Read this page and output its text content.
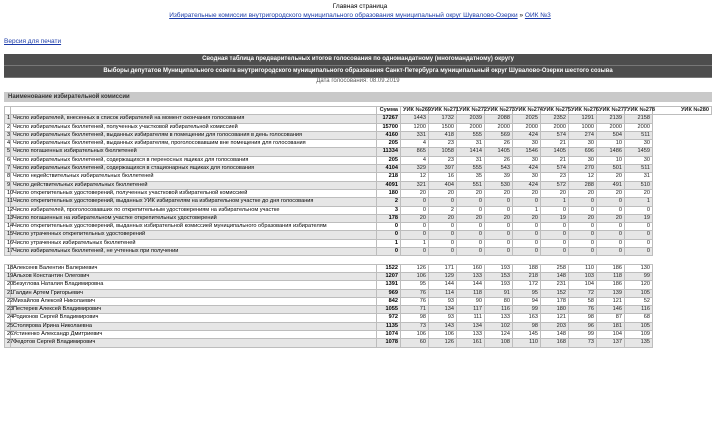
Главная страница
Избирательные комиссии внутригородского муниципального образования муниципальный округ Шувалово-Озерки » ОИК №3
Версия для печати
Сводная таблица предварительных итогов голосования по одномандатному (многомандатному) округу
Выборы депутатов Муниципального совета внутригородского муниципального образования Санкт-Петербурга муниципальный округ Шувалово-Озерки шестого созыва
Дата голосования: 08.09.2019
Наименование избирательной комиссии
		Сумма	УИК №269	УИК №271	УИК №272	УИК №273	УИК №274	УИК №275	УИК №276	УИК №277	УИК №278	УИК №280
1	Число избирателей, внесенных в список избирателей на момент окончания голосования	17267	1443	1732	2039	2088	2025	2352	1291	2139	2158	
2	Число избирательных бюллетеней, полученных участковой избирательной комиссией	15700	1200	1500	2000	2000	2000	2000	1000	2000	2000	
3	Число избирательных бюллетеней, выданных избирателям в помещении для голосования в день голосования	4160	331	418	555	569	424	574	274	504	511	
4	Число избирательных бюллетеней, выданных избирателям, проголосовавшим вне помещения для голосования	205	4	23	31	26	30	21	30	10	30	
5	Число погашенных избирательных бюллетеней	11334	865	1058	1414	1405	1546	1405	696	1486	1459	
6	Число избирательных бюллетеней, содержащихся в переносных ящиках для голосования	205	4	23	31	26	30	21	30	10	30	
7	Число избирательных бюллетеней, содержащихся в стационарных ящиках для голосования	4104	329	397	555	543	424	574	270	501	511	
8	Число недействительных избирательных бюллетеней	218	12	16	35	39	30	23	12	20	31	
9	Число действительных избирательных бюллетеней	4091	321	404	551	530	424	572	288	491	510	
10	Число открепительных удостоверений, полученных участковой избирательной комиссией	180	20	20	20	20	20	20	20	20	20	
11	Число открепительных удостоверений, выданных УИК избирателям на избирательном участке до дня голосования	2	0	0	0	0	0	1	0	0	1	
12	Число избирателей, проголосовавших по открепительным удостоверениям на избирательном участке	3	0	2	0	0	1	0	0	0	0	
13	Число погашенных на избирательном участке открепительных удостоверений	178	20	20	20	20	20	19	20	20	19	
14	Число открепительных удостоверений, выданных избирательной комиссией муниципального образования избирателям	0	0	0	0	0	0	0	0	0	0	
15	Число утраченных открепительных удостоверений	0	0	0	0	0	0	0	0	0	0	
16	Число утраченных избирательных бюллетеней	1	1	0	0	0	0	0	0	0	0	
17	Число избирательных бюллетеней, не учтенных при получении	0	0	0	0	0	0	0	0	0	0	

18	Алексеев Валентин Валериевич	1522	126	171	160	193	188	258	110	186	130	
19	Альхов Константин Олегович	1207	106	129	133	153	218	148	103	118	99	
20	Безуглова Наталия Владимировна	1391	95	144	144	193	172	231	104	186	120	
21	Галдин Артем Григорьевич	969	76	114	118	91	95	152	72	139	105	
22	Михайлов Алексей Николаевич	842	76	93	90	80	94	178	58	121	52	
23	Пестерев Алексей Владимирович	1055	71	134	117	116	99	180	76	146	116	
24	Родионов Сергей Владимирович	972	98	93	111	133	163	121	98	87	68	
25	Столярова Ирина Николаевна	1135	73	143	134	102	98	203	96	181	105	
26	Устиненко Александр Дмитриевич	1074	106	106	133	124	145	148	99	104	109	
27	Федотов Сергей Владимирович	1078	60	126	161	108	110	168	73	137	135	
